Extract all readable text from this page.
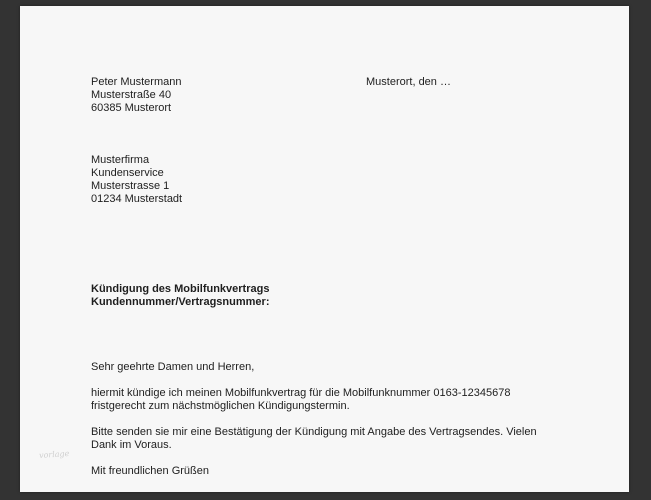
Peter Mustermann
Musterstraße 40
60385 Musterort
Musterort, den …
Musterfirma
Kundenservice
Musterstrasse 1
01234 Musterstadt
Kündigung des Mobilfunkvertrags
Kundennummer/Vertragsnummer:
Sehr geehrte Damen und Herren,
hiermit kündige ich meinen Mobilfunkvertrag für die Mobilfunknummer 0163-12345678
fristgerecht zum nächstmöglichen Kündigungstermin.
Bitte senden sie mir eine Bestätigung der Kündigung mit Angabe des Vertragsendes. Vielen
Dank im Voraus.
Mit freundlichen Grüßen
vorlage
